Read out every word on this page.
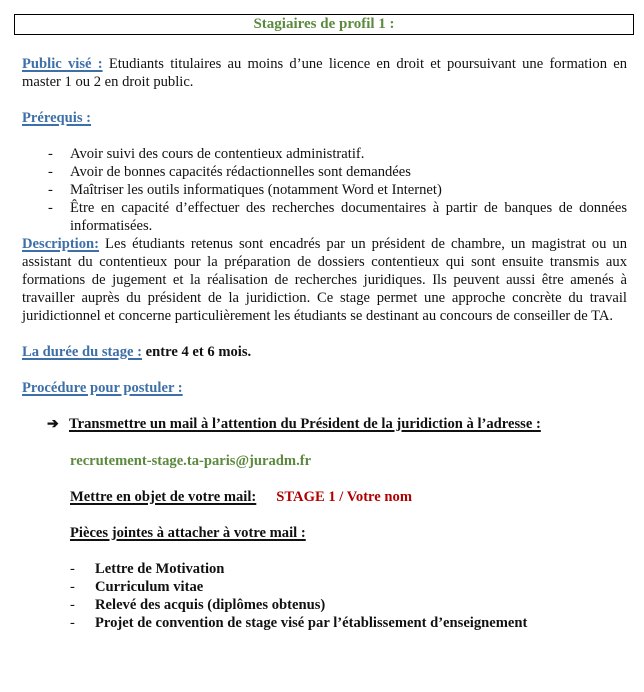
Stagiaires de profil 1 :

Public visé : Etudiants titulaires au moins d’une licence en droit et poursuivant une formation en master 1 ou 2 en droit public.

Prérequis :

- Avoir suivi des cours de contentieux administratif.
- Avoir de bonnes capacités rédactionnelles sont demandées
- Maîtriser les outils informatiques (notamment Word et Internet)
- Être en capacité d’effectuer des recherches documentaires à partir de banques de données informatisées.

Description: Les étudiants retenus sont encadrés par un président de chambre, un magistrat ou un assistant du contentieux pour la préparation de dossiers contentieux qui sont ensuite transmis aux formations de jugement et la réalisation de recherches juridiques. Ils peuvent aussi être amenés à travailler auprès du président de la juridiction. Ce stage permet une approche concrète du travail juridictionnel et concerne particulièrement les étudiants se destinant au concours de conseiller de TA.

La durée du stage : entre 4 et 6 mois.

Procédure pour postuler :

➔ Transmettre un mail à l’attention du Président de la juridiction à l’adresse :

recrutement-stage.ta-paris@juradm.fr

Mettre en objet de votre mail: STAGE 1 / Votre nom

Pièces jointes à attacher à votre mail :

- Lettre de Motivation
- Curriculum vitae
- Relevé des acquis (diplômes obtenus)
- Projet de convention de stage visé par l’établissement d’enseignement
